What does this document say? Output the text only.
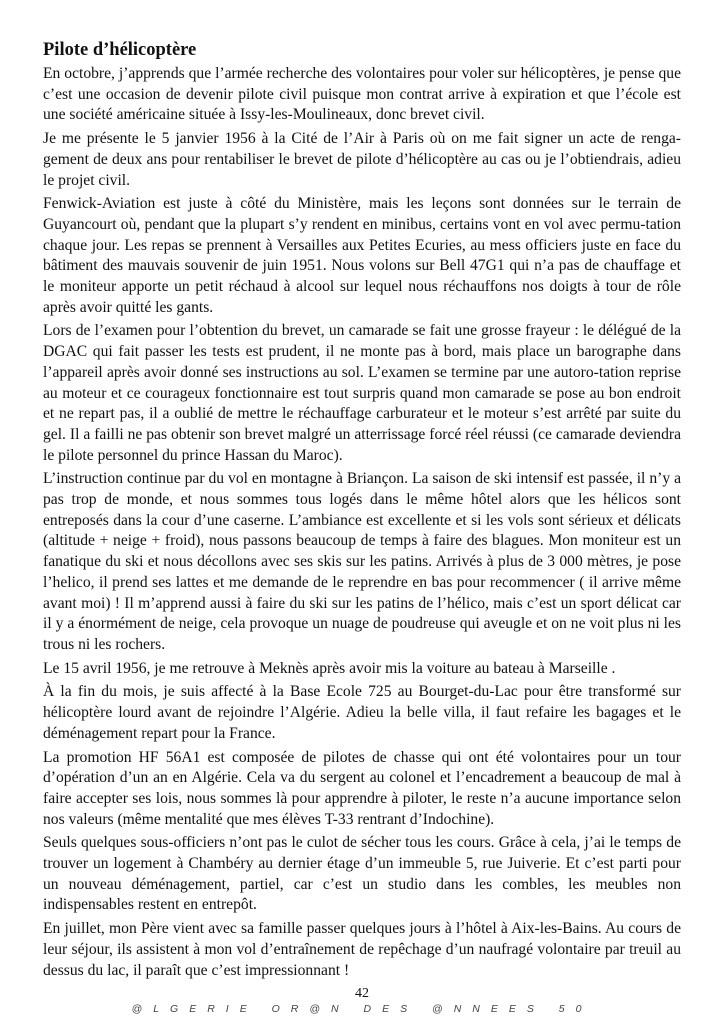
Pilote d’hélicoptère

En octobre, j’apprends que l’armée recherche des volontaires pour voler sur hélicoptères, je pense que c’est une occasion de devenir pilote civil puisque mon contrat arrive à expiration et que l’école est une société américaine située à Issy-les-Moulineaux, donc brevet civil.

Je me présente le 5 janvier 1956 à la Cité de l’Air à Paris où on me fait signer un acte de renga-gement de deux ans pour rentabiliser le brevet de pilote d’hélicoptère au cas ou je l’obtiendrais, adieu le projet civil.

Fenwick-Aviation est juste à côté du Ministère, mais les leçons sont données sur le terrain de Guyancourt où, pendant que la plupart s’y rendent en minibus, certains vont en vol avec permu-tation chaque jour. Les repas se prennent à Versailles aux Petites Ecuries, au mess officiers juste en face du bâtiment des mauvais souvenir de juin 1951. Nous volons sur Bell 47G1 qui n’a pas de chauffage et le moniteur apporte un petit réchaud à alcool sur lequel nous réchauffons nos doigts à tour de rôle après avoir quitté les gants.

Lors de l’examen pour l’obtention du brevet, un camarade se fait une grosse frayeur : le délégué de la DGAC qui fait passer les tests est prudent, il ne monte pas à bord, mais place un barographe dans l’appareil après avoir donné ses instructions au sol. L’examen se termine par une autoro-tation reprise au moteur et ce courageux fonctionnaire est tout surpris quand mon camarade se pose au bon endroit et ne repart pas, il a oublié de mettre le réchauffage carburateur et le moteur s’est arrêté par suite du gel. Il a failli ne pas obtenir son brevet malgré un atterrissage forcé réel réussi (ce camarade deviendra le pilote personnel du prince Hassan du Maroc).

L’instruction continue par du vol en montagne à Briançon. La saison de ski intensif est passée, il n’y a pas trop de monde, et nous sommes tous logés dans le même hôtel alors que les hélicos sont entreposés dans la cour d’une caserne. L’ambiance est excellente et si les vols sont sérieux et délicats (altitude + neige + froid), nous passons beaucoup de temps à faire des blagues. Mon moniteur est un fanatique du ski et nous décollons avec ses skis sur les patins. Arrivés à plus de 3 000 mètres, je pose l’helico, il prend ses lattes et me demande de le reprendre en bas pour recommencer ( il arrive même avant moi) ! Il m’apprend aussi à faire du ski sur les patins de l’hélico, mais c’est un sport délicat car il y a énormément de neige, cela provoque un nuage de poudreuse qui aveugle et on ne voit plus ni les trous ni les rochers.

Le 15 avril 1956, je me retrouve à Meknès après avoir mis la voiture au bateau à Marseille .

À la fin du mois, je suis affecté à la Base Ecole 725 au Bourget-du-Lac pour être transformé sur hélicoptère lourd avant de rejoindre l’Algérie. Adieu la belle villa, il faut refaire les bagages et le déménagement repart pour la France.

La promotion HF 56A1 est composée de pilotes de chasse qui ont été volontaires pour un tour d’opération d’un an en Algérie. Cela va du sergent au colonel et l’encadrement a beaucoup de mal à faire accepter ses lois, nous sommes là pour apprendre à piloter, le reste n’a aucune importance selon nos valeurs (même mentalité que mes élèves T-33 rentrant d’Indochine).

Seuls quelques sous-officiers n’ont pas le culot de sécher tous les cours. Grâce à cela, j’ai le temps de trouver un logement à Chambéry au dernier étage d’un immeuble 5, rue Juiverie. Et c’est parti pour un nouveau déménagement, partiel, car c’est un studio dans les combles, les meubles non indispensables restent en entrepôt.

En juillet, mon Père vient avec sa famille passer quelques jours à l’hôtel à Aix-les-Bains. Au cours de leur séjour, ils assistent à mon vol d’entraînement de repêchage d’un naufragé volontaire par treuil au dessus du lac, il paraît que c’est impressionnant !

42
@LGERIE OR@N DES @NNEES 50
